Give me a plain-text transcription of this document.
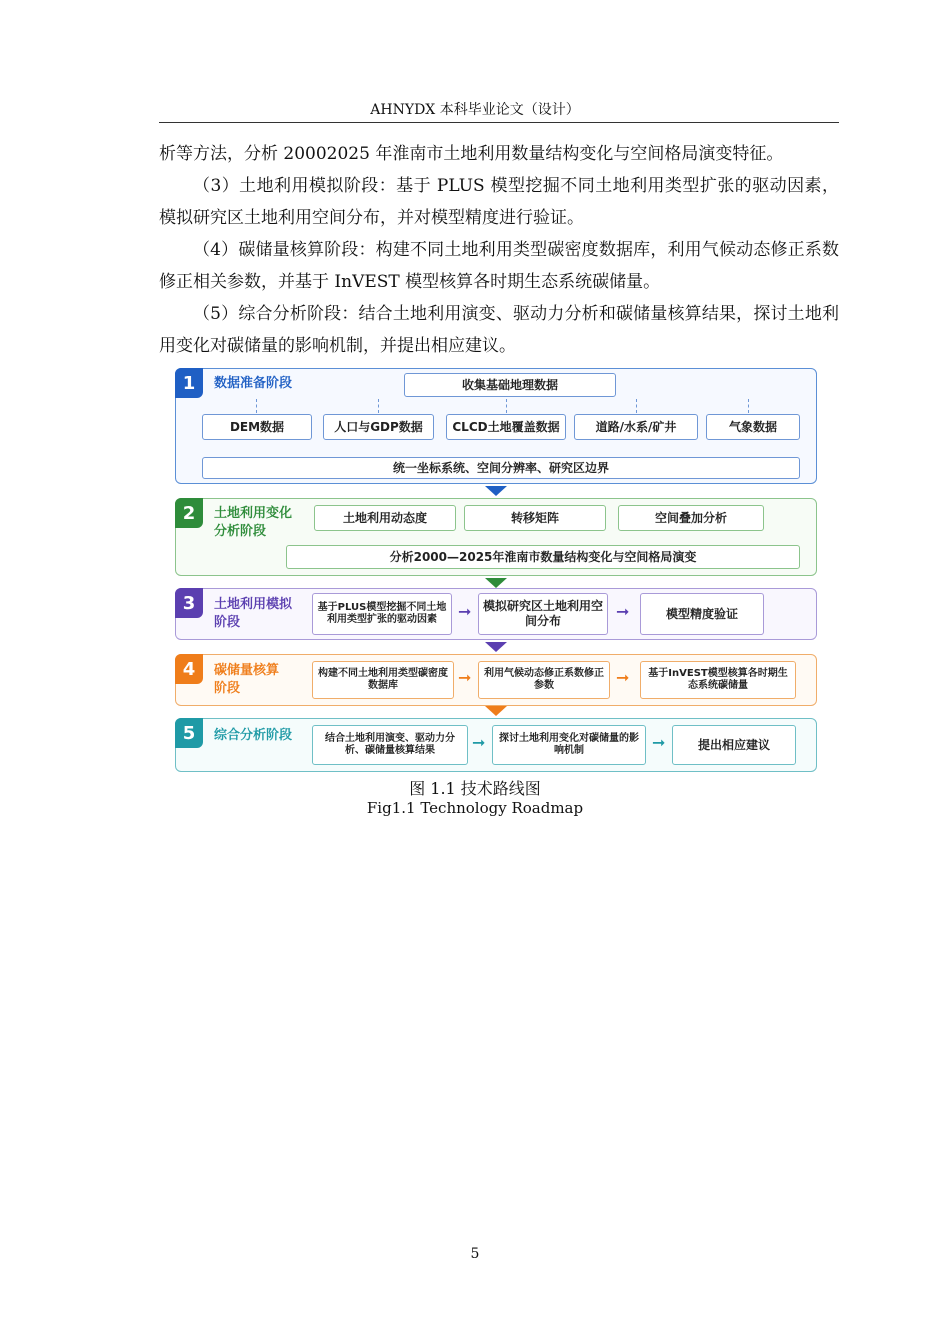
AHNYDX 本科毕业论文（设计）

析等方法，分析 20002025 年淮南市土地利用数量结构变化与空间格局演变特征。

（3）土地利用模拟阶段：基于 PLUS 模型挖掘不同土地利用类型扩张的驱动因素，模拟研究区土地利用空间分布，并对模型精度进行验证。

（4）碳储量核算阶段：构建不同土地利用类型碳密度数据库，利用气候动态修正系数修正相关参数，并基于 InVEST 模型核算各时期生态系统碳储量。

（5）综合分析阶段：结合土地利用演变、驱动力分析和碳储量核算结果，探讨土地利用变化对碳储量的影响机制，并提出相应建议。

1	数据准备阶段	收集基础地理数据
DEM数据	人口与GDP数据	CLCD土地覆盖数据	道路/水系/矿井	气象数据
统一坐标系统、空间分辨率、研究区边界
2	土地利用变化
分析阶段
土地利用动态度	转移矩阵	空间叠加分析
分析2000—2025年淮南市数量结构变化与空间格局演变
3	土地利用模拟
阶段
基于PLUS模型挖掘不同土地利用类型扩张的驱动因素	➞ 模拟研究区土地利用空间分布	➞	模型精度验证
4	碳储量核算
阶段
构建不同土地利用类型碳密度数据库	➞	利用气候动态修正系数修正参数	➞	基于InVEST模型核算各时期生态系统碳储量
5	综合分析阶段	结合土地利用演变、驱动力分析、碳储量核算结果	➞	探讨土地利用变化对碳储量的影响机制	➞	提出相应建议
图 1.1 技术路线图
Fig1.1 Technology Roadmap
5
